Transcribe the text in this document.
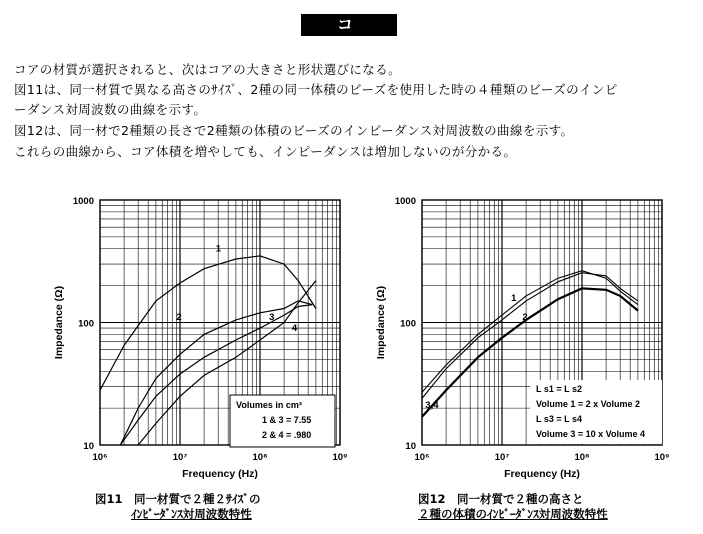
コ ア
コアの材質が選択されると、次はコアの大きさと形状選びになる。
図11は、同一材質で異なる高さのｻｲｽﾞ、2種の同一体積のビーズを使用した時の４種類のビーズのインピ
ーダンス対周波数の曲線を示す。
図12は、同一材で2種類の長さで2種類の体積のビーズのインピーダンス対周波数の曲線を示す。
これらの曲線から、コア体積を増やしても、インピーダンスは増加しないのが分かる。
10⁶	10⁷	10⁸	10⁹
1000
100
10
Frequency (Hz)
Impedance (Ω)
1
2	3
4
Volumes in cm³
1 & 3 = 7.55
2 & 4 = .980
10⁶	10⁷	10⁸	10⁹
1000
100
10
Frequency (Hz)
Impedance (Ω)	1
2
3,4
L s1 = L s2
Volume 1 = 2 x Volume 2
L s3 = L s4
Volume 3 = 10 x Volume 4
図11　同一材質で２種２ｻｲｽﾞの
ｲﾝﾋﾟｰﾀﾞﾝｽ対周波数特性
図12　同一材質で２種の高さと
２種の体積のｲﾝﾋﾟｰﾀﾞﾝｽ対周波数特性
